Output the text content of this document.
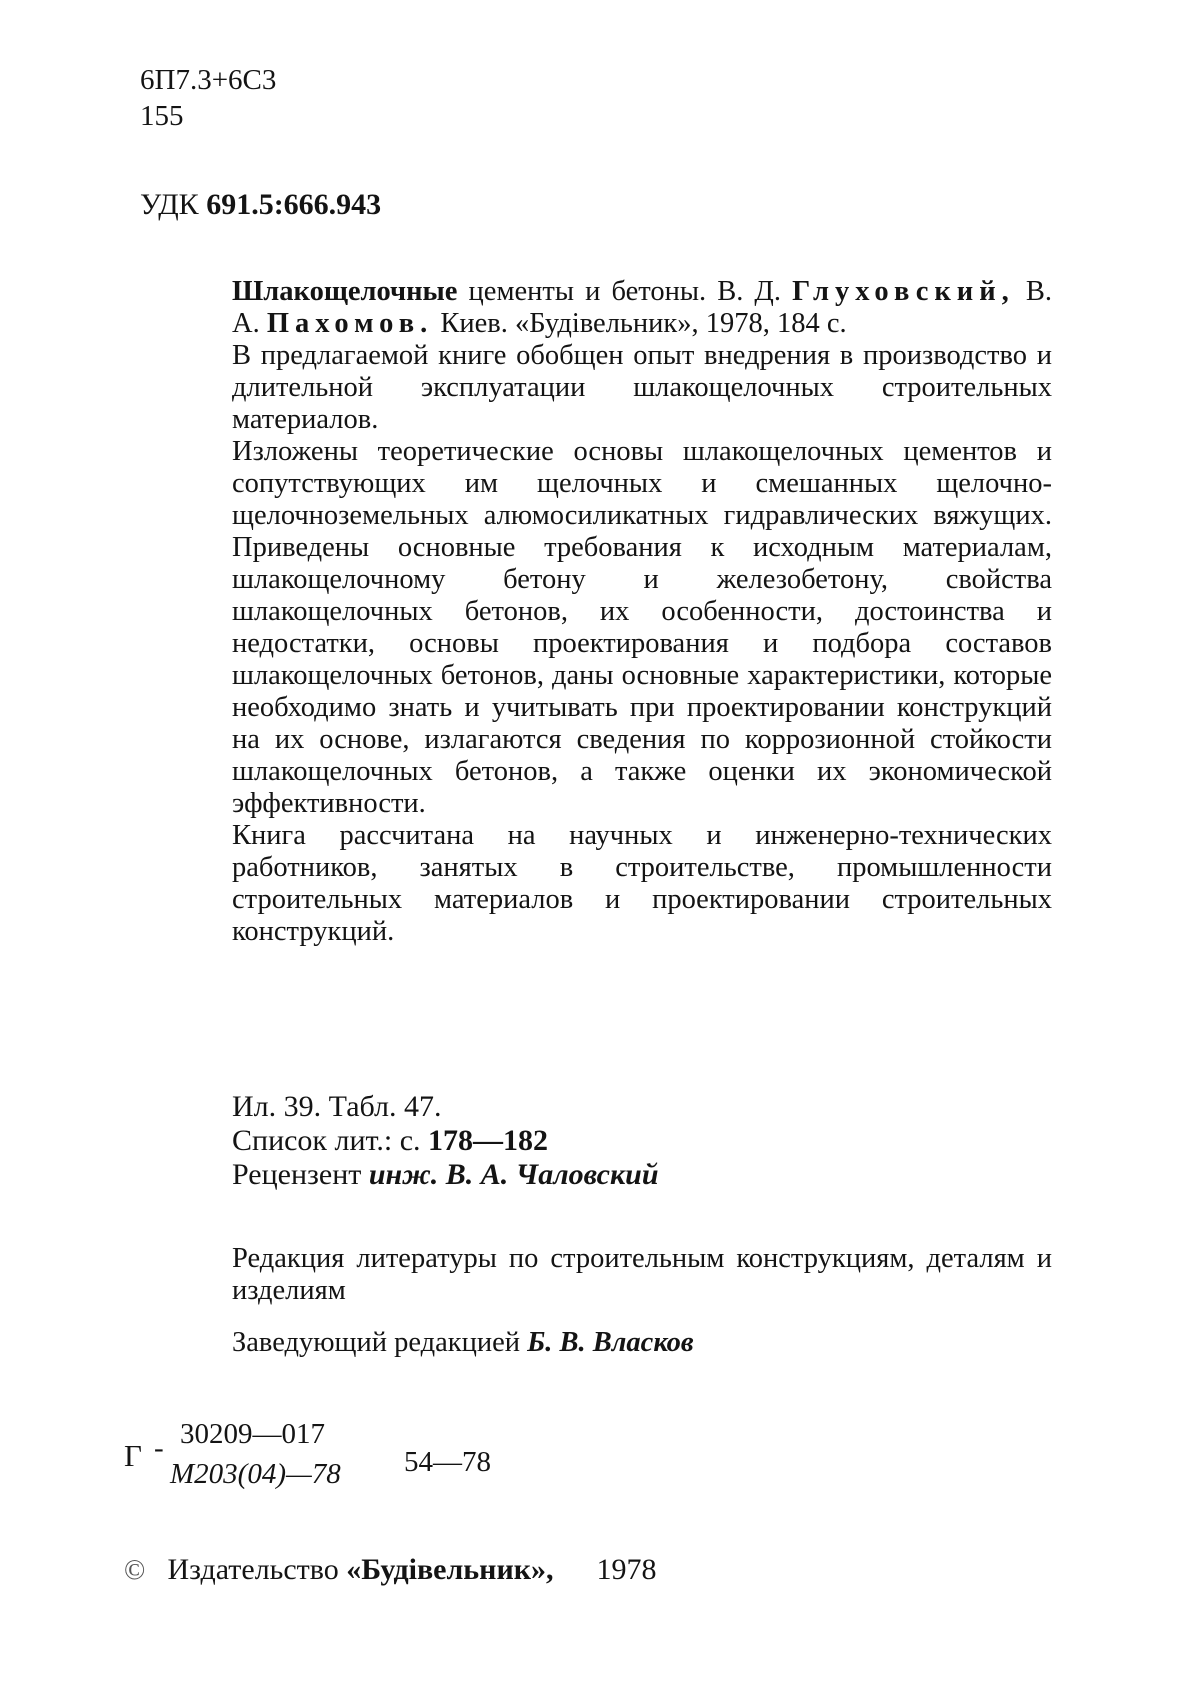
6П7.3+6С3
155
УДК 691.5:666.943

Шлакощелочные цементы и бетоны. В. Д. Глуховский, В. А. Пахомов. Киев. «Будівельник», 1978, 184 с.

В предлагаемой книге обобщен опыт внедрения в производство и длительной эксплуатации шлакощелочных строительных материалов.

Изложены теоретические основы шлакощелочных цементов и сопутствующих им щелочных и смешанных щелочно-щелочноземельных алюмосиликатных гидравлических вяжущих. Приведены основные требования к исходным материалам, шлакощелочному бетону и железобетону, свойства шлакощелочных бетонов, их особенности, достоинства и недостатки, основы проектирования и подбора составов шлакощелочных бетонов, даны основные характеристики, которые необходимо знать и учитывать при проектировании конструкций на их основе, излагаются сведения по коррозионной стойкости шлакощелочных бетонов, а также оценки их экономической эффективности.

Книга рассчитана на научных и инженерно-технических работников, занятых в строительстве, промышленности строительных материалов и проектировании строительных конструкций.

Ил. 39. Табл. 47.

Список лит.: с. 178—182

Рецензент инж. В. А. Чаловский

Редакция литературы по строительным конструкциям, деталям и изделиям

Заведующий редакцией Б. В. Власков

Г - 30209—017
М203(04)—78 54—78
© Издательство «Будівельник», 1978
